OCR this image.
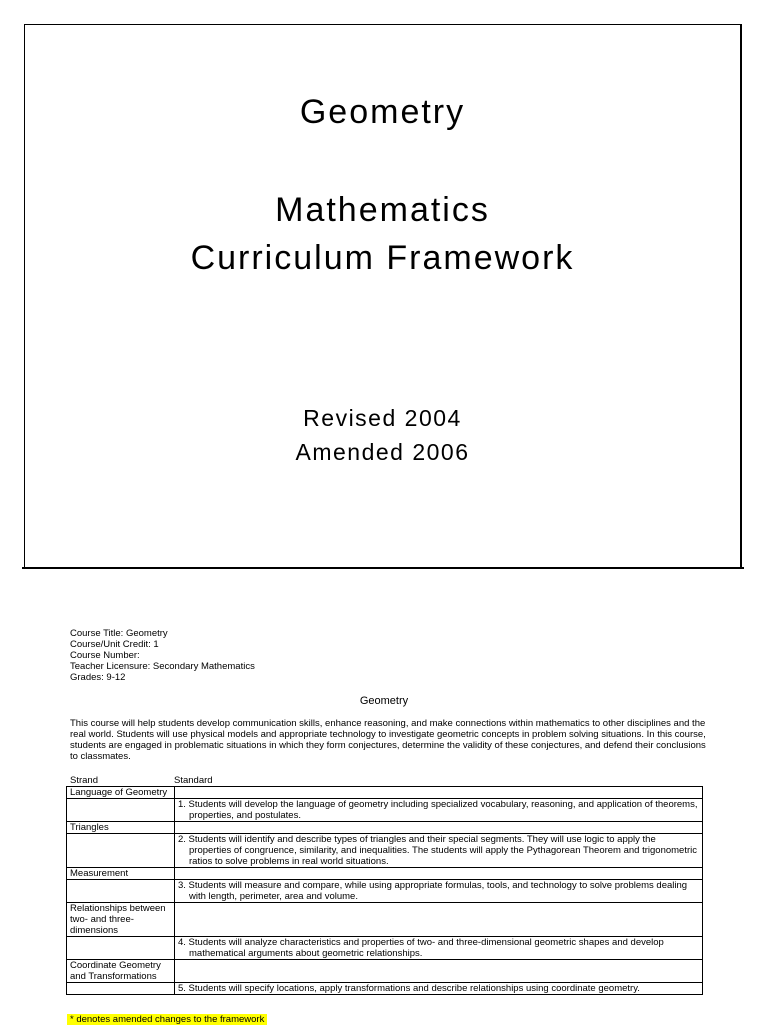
Geometry
Mathematics
Curriculum Framework
Revised 2004
Amended 2006
Course Title: Geometry
Course/Unit Credit: 1
Course Number:
Teacher Licensure: Secondary Mathematics
Grades: 9-12
Geometry
This course will help students develop communication skills, enhance reasoning, and make connections within mathematics to other disciplines and the real world. Students will use physical models and appropriate technology to investigate geometric concepts in problem solving situations. In this course, students are engaged in problematic situations in which they form conjectures, determine the validity of these conjectures, and defend their conclusions to classmates.
Strand	Standard
Language of Geometry	

	1. Students will develop the language of geometry including specialized vocabulary, reasoning, and application of theorems, properties, and postulates.

Triangles	

	2. Students will identify and describe types of triangles and their special segments. They will use logic to apply the properties of congruence, similarity, and inequalities. The students will apply the Pythagorean Theorem and trigonometric ratios to solve problems in real world situations.

Measurement	

	3. Students will measure and compare, while using appropriate formulas, tools, and technology to solve problems dealing with length, perimeter, area and volume.

Relationships between two- and three-dimensions	

	4. Students will analyze characteristics and properties of two- and three-dimensional geometric shapes and develop mathematical arguments about geometric relationships.

Coordinate Geometry and Transformations	

	5. Students will specify locations, apply transformations and describe relationships using coordinate geometry.
* denotes amended changes to the framework
